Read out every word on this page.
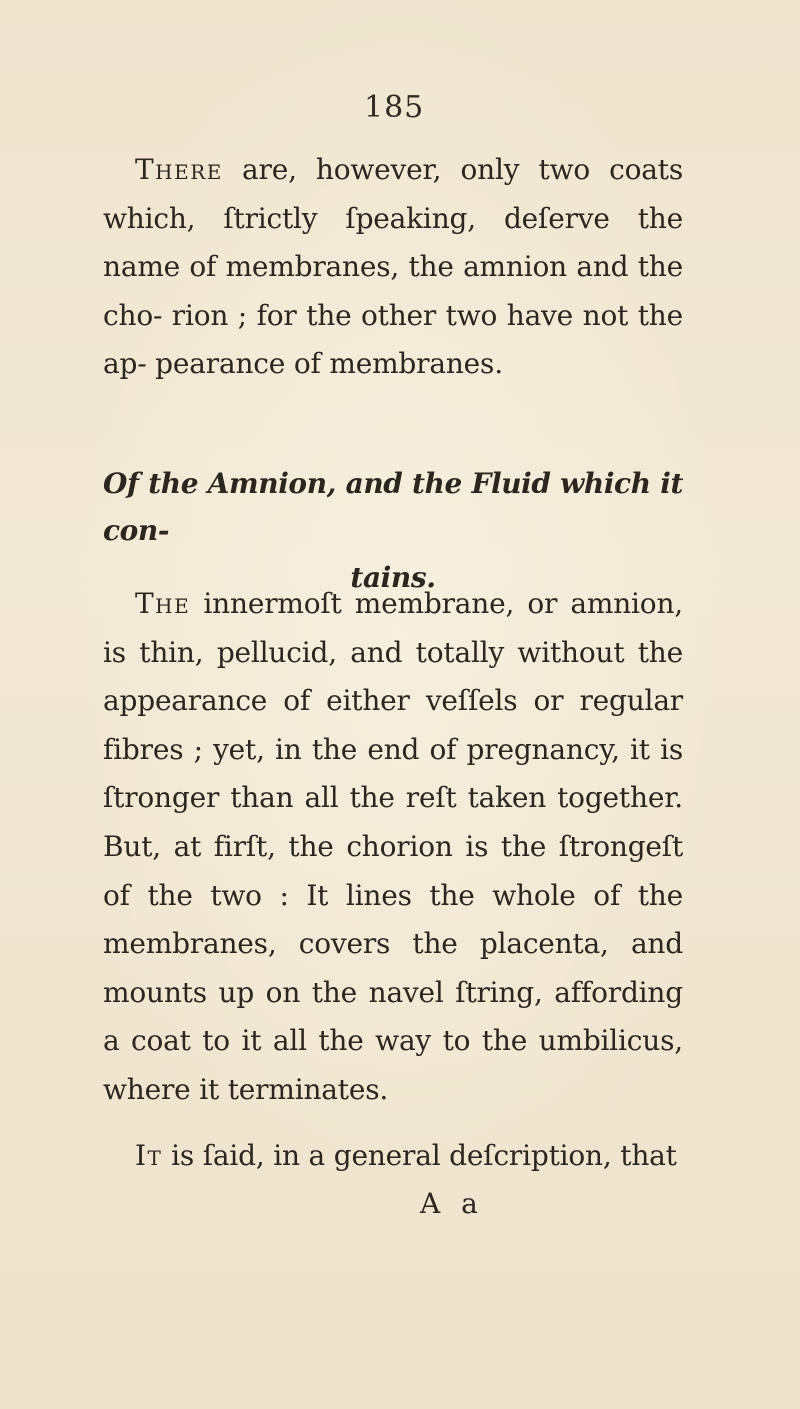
185

There are, however, only two coats which, ſtrictly ſpeaking, deſerve the name of membranes, the amnion and the cho- rion ; for the other two have not the ap- pearance of membranes.

Of the Amnion, and the Fluid which it con-
tains.

The innermoſt membrane, or amnion, is thin, pellucid, and totally without the appearance of either veſſels or regular fibres ; yet, in the end of pregnancy, it is ſtronger than all the reſt taken together. But, at firſt, the chorion is the ſtrongeſt of the two : It lines the whole of the membranes, covers the placenta, and mounts up on the navel ſtring, affording a coat to it all the way to the umbilicus, where it terminates.

It is ſaid, in a general deſcription, that

A a
